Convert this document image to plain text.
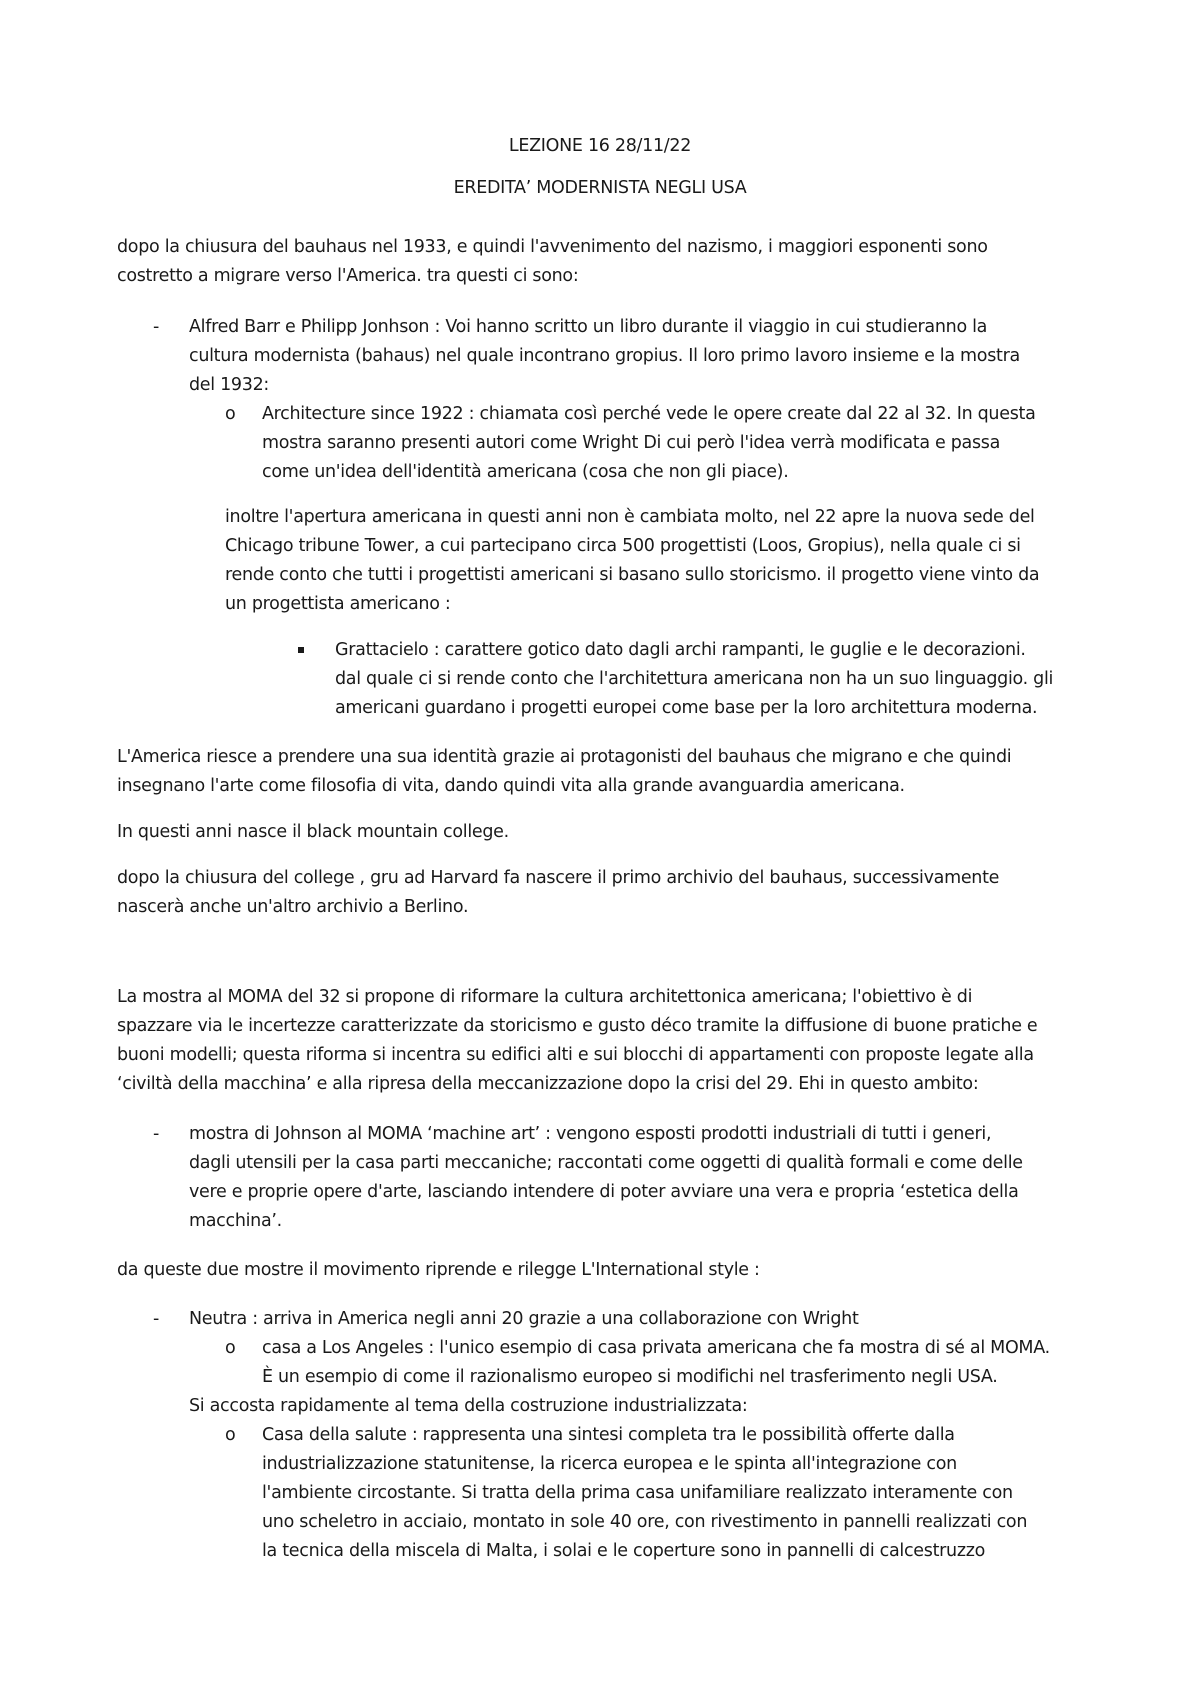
LEZIONE 16 28/11/22
EREDITA’ MODERNISTA NEGLI USA
dopo la chiusura del bauhaus nel 1933, e quindi l'avvenimento del nazismo, i maggiori esponenti sono
costretto a migrare verso l'America. tra questi ci sono:
- Alfred Barr e Philipp Jonhson : Voi hanno scritto un libro durante il viaggio in cui studieranno la
cultura modernista (bahaus) nel quale incontrano gropius. Il loro primo lavoro insieme e la mostra
del 1932:
o Architecture since 1922 : chiamata così perché vede le opere create dal 22 al 32. In questa
mostra saranno presenti autori come Wright Di cui però l'idea verrà modificata e passa
come un'idea dell'identità americana (cosa che non gli piace).
inoltre l'apertura americana in questi anni non è cambiata molto, nel 22 apre la nuova sede del
Chicago tribune Tower, a cui partecipano circa 500 progettisti (Loos, Gropius), nella quale ci si
rende conto che tutti i progettisti americani si basano sullo storicismo. il progetto viene vinto da
un progettista americano :
Grattacielo : carattere gotico dato dagli archi rampanti, le guglie e le decorazioni.
dal quale ci si rende conto che l'architettura americana non ha un suo linguaggio. gli
americani guardano i progetti europei come base per la loro architettura moderna.
L'America riesce a prendere una sua identità grazie ai protagonisti del bauhaus che migrano e che quindi
insegnano l'arte come filosofia di vita, dando quindi vita alla grande avanguardia americana.
In questi anni nasce il black mountain college.
dopo la chiusura del college , gru ad Harvard fa nascere il primo archivio del bauhaus, successivamente
nascerà anche un'altro archivio a Berlino.
La mostra al MOMA del 32 si propone di riformare la cultura architettonica americana; l'obiettivo è di
spazzare via le incertezze caratterizzate da storicismo e gusto déco tramite la diffusione di buone pratiche e
buoni modelli; questa riforma si incentra su edifici alti e sui blocchi di appartamenti con proposte legate alla
‘civiltà della macchina’ e alla ripresa della meccanizzazione dopo la crisi del 29. Ehi in questo ambito:
- mostra di Johnson al MOMA ‘machine art’ : vengono esposti prodotti industriali di tutti i generi,
dagli utensili per la casa parti meccaniche; raccontati come oggetti di qualità formali e come delle
vere e proprie opere d'arte, lasciando intendere di poter avviare una vera e propria ‘estetica della
macchina’.
da queste due mostre il movimento riprende e rilegge L'International style :
- Neutra : arriva in America negli anni 20 grazie a una collaborazione con Wright
o casa a Los Angeles : l'unico esempio di casa privata americana che fa mostra di sé al MOMA.
È un esempio di come il razionalismo europeo si modifichi nel trasferimento negli USA.
Si accosta rapidamente al tema della costruzione industrializzata:
o Casa della salute : rappresenta una sintesi completa tra le possibilità offerte dalla
industrializzazione statunitense, la ricerca europea e le spinta all'integrazione con
l'ambiente circostante. Si tratta della prima casa unifamiliare realizzato interamente con
uno scheletro in acciaio, montato in sole 40 ore, con rivestimento in pannelli realizzati con
la tecnica della miscela di Malta, i solai e le coperture sono in pannelli di calcestruzzo
